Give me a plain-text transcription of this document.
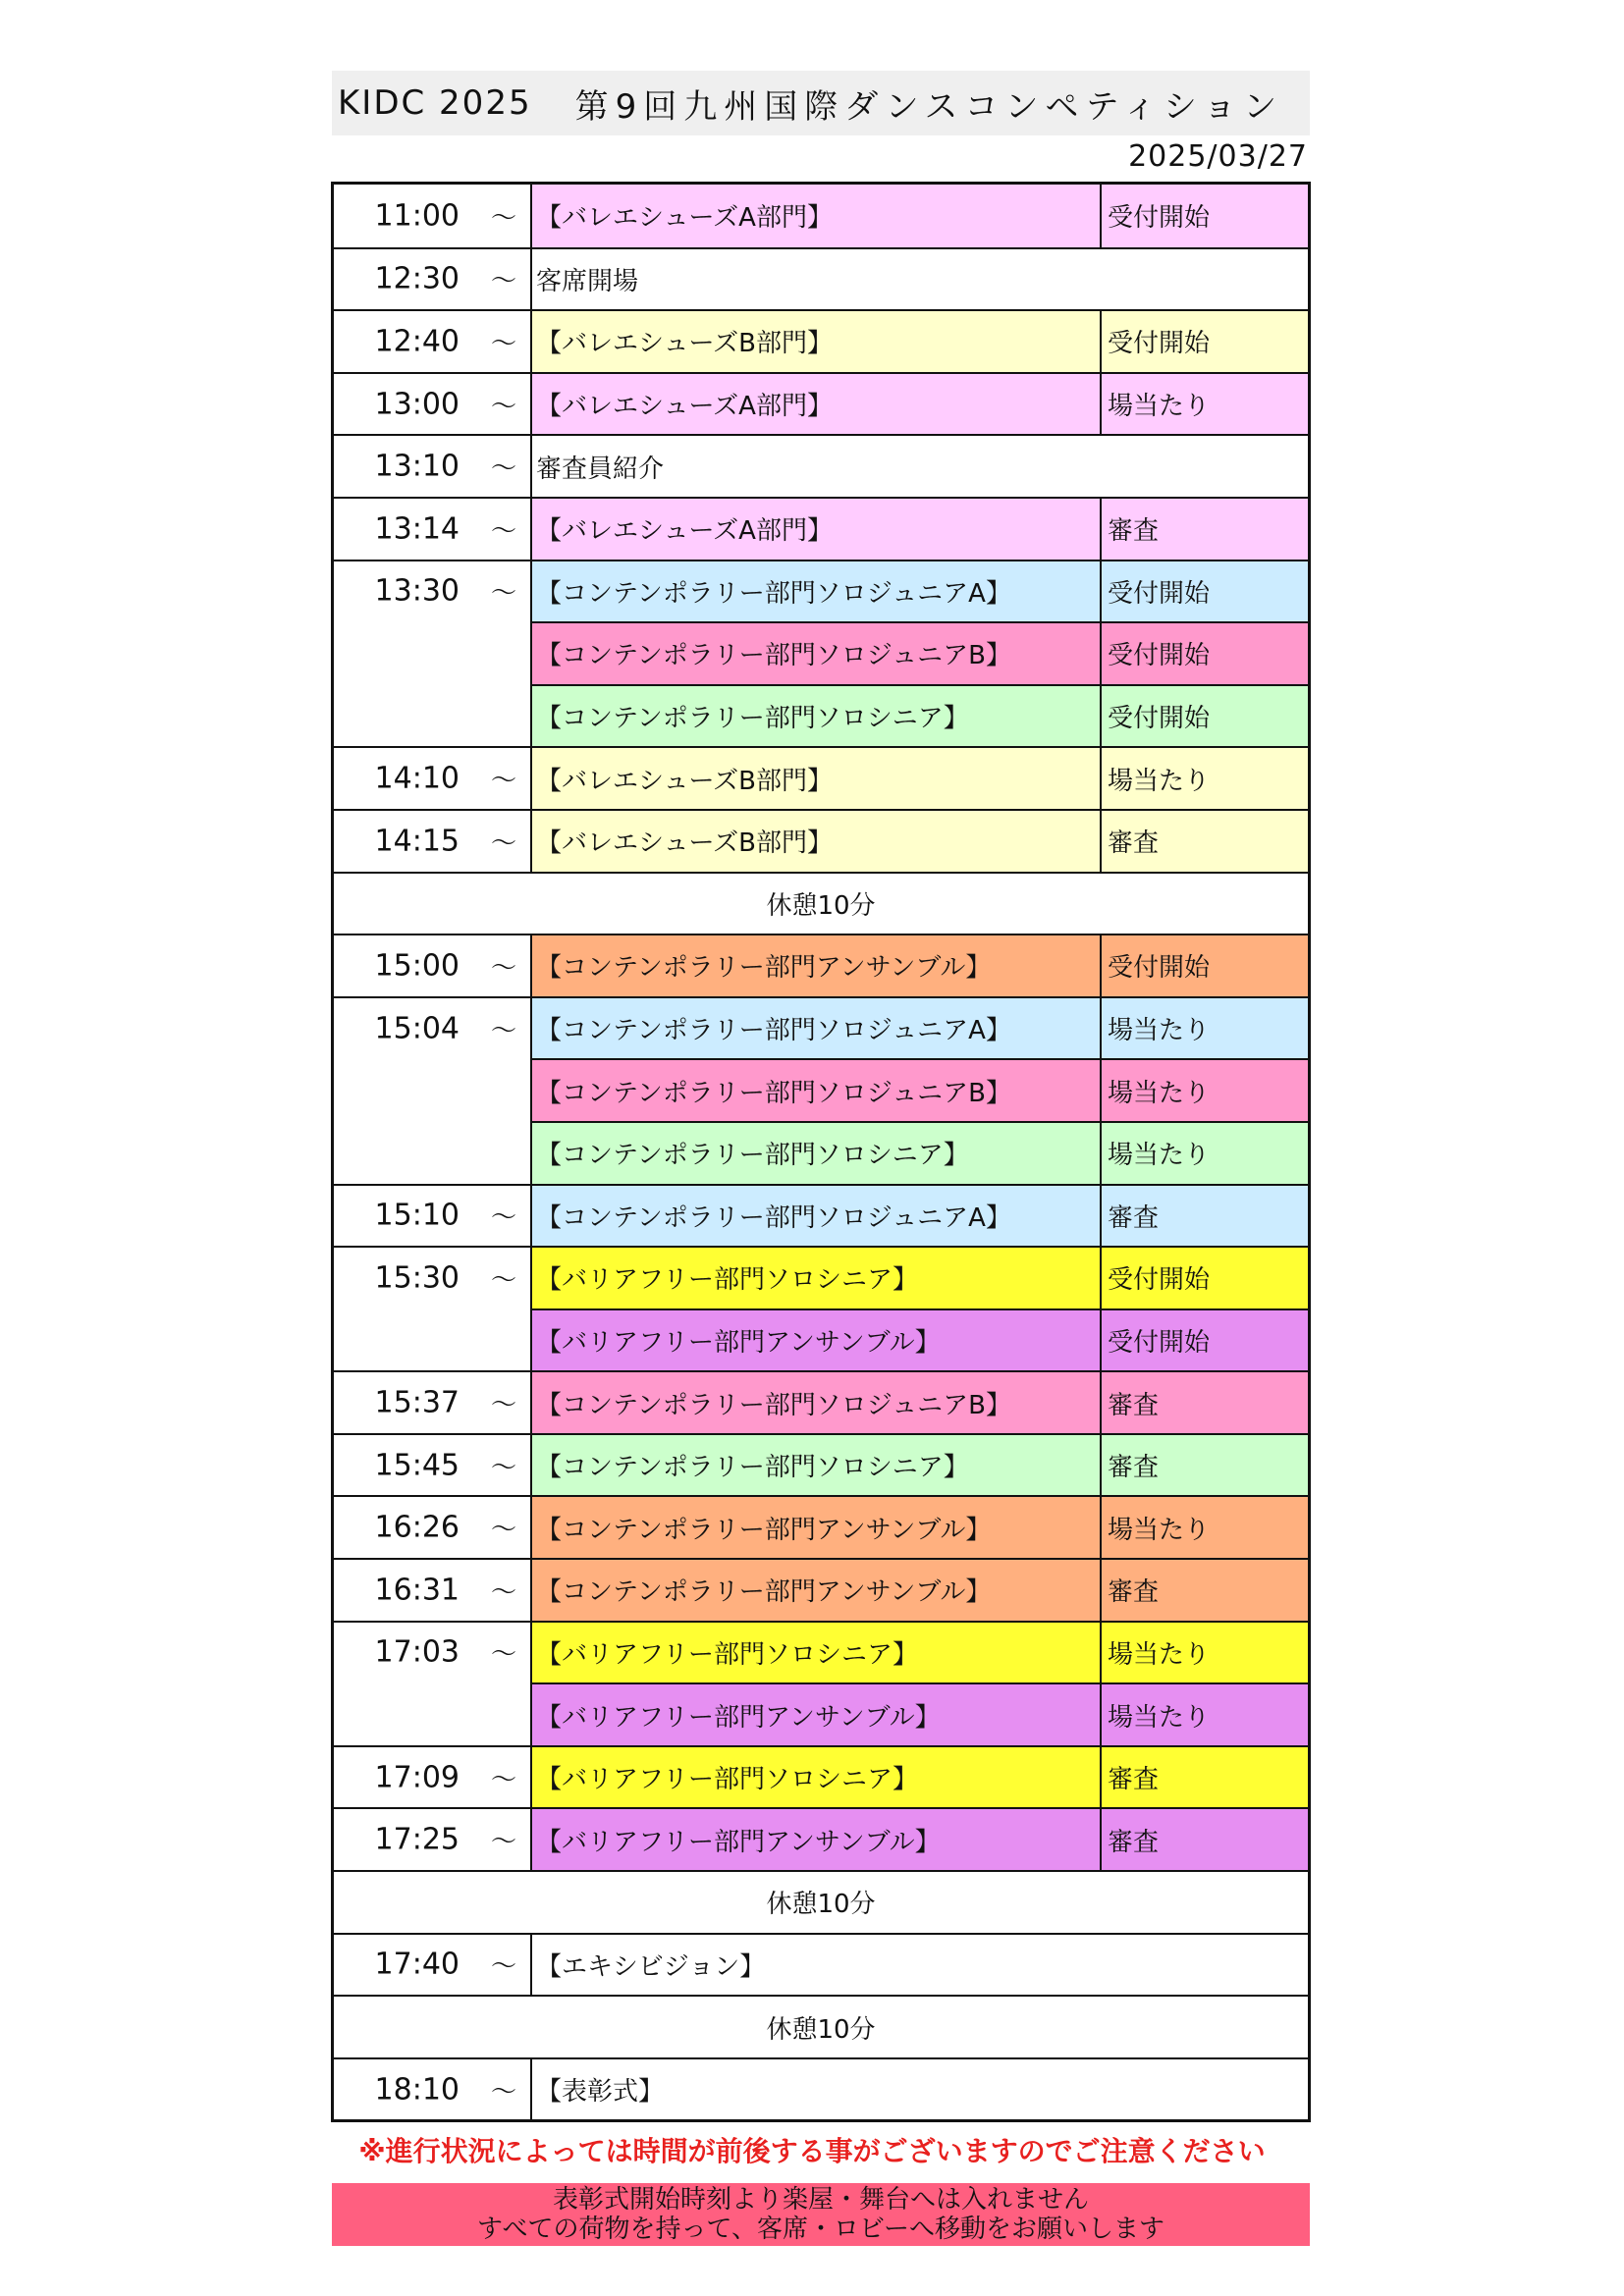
KIDC 2025 第9回九州国際ダンスコンペティション
2025/03/27
11:00 ～ 【バレエシューズA部門】	受付開始
12:30 ～ 客席開場
12:40 ～ 【バレエシューズB部門】	受付開始
13:00 ～ 【バレエシューズA部門】	場当たり
13:10 ～ 審査員紹介
13:14 ～ 【バレエシューズA部門】	審査
13:30 ～ 【コンテンポラリー部門ソロジュニアA】	受付開始
【コンテンポラリー部門ソロジュニアB】	受付開始
【コンテンポラリー部門ソロシニア】	受付開始
14:10 ～ 【バレエシューズB部門】	場当たり
14:15 ～ 【バレエシューズB部門】	審査
休憩10分
15:00 ～ 【コンテンポラリー部門アンサンブル】	受付開始
15:04 ～ 【コンテンポラリー部門ソロジュニアA】	場当たり
【コンテンポラリー部門ソロジュニアB】	場当たり
【コンテンポラリー部門ソロシニア】	場当たり
15:10 ～ 【コンテンポラリー部門ソロジュニアA】	審査
15:30 ～ 【バリアフリー部門ソロシニア】	受付開始
【バリアフリー部門アンサンブル】	受付開始
15:37 ～ 【コンテンポラリー部門ソロジュニアB】	審査
15:45 ～ 【コンテンポラリー部門ソロシニア】	審査
16:26 ～ 【コンテンポラリー部門アンサンブル】	場当たり
16:31 ～ 【コンテンポラリー部門アンサンブル】	審査
17:03 ～ 【バリアフリー部門ソロシニア】	場当たり
【バリアフリー部門アンサンブル】	場当たり
17:09 ～ 【バリアフリー部門ソロシニア】	審査
17:25 ～ 【バリアフリー部門アンサンブル】	審査
休憩10分
17:40 ～ 【エキシビジョン】
休憩10分
18:10 ～ 【表彰式】
※進行状況によっては時間が前後する事がございますのでご注意ください
表彰式開始時刻より楽屋・舞台へは入れません
すべての荷物を持って、客席・ロビーへ移動をお願いします
